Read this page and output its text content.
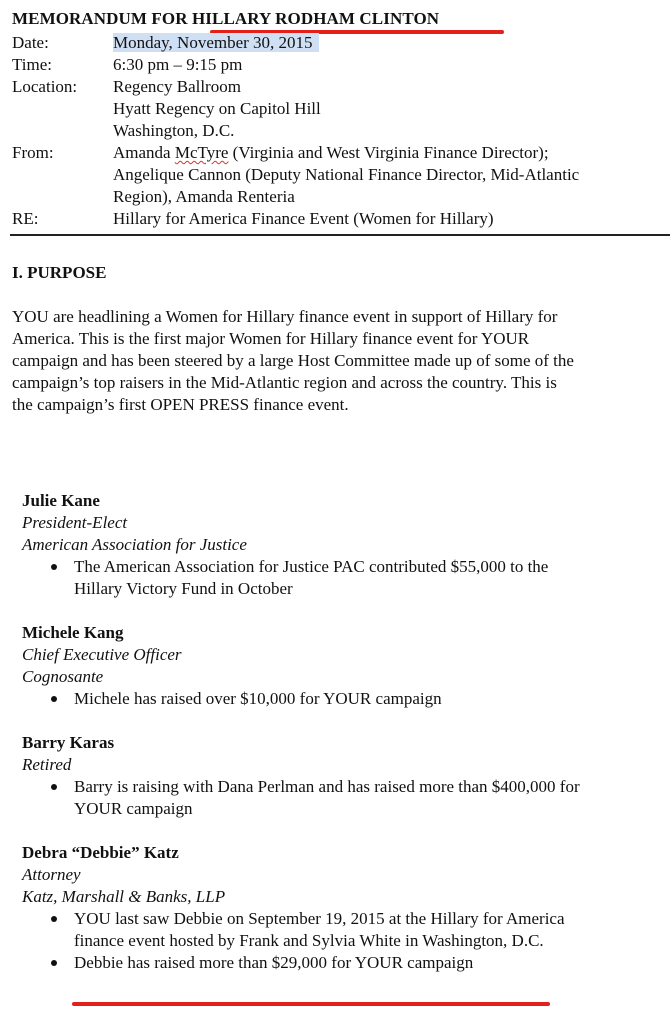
MEMORANDUM FOR HILLARY RODHAM CLINTON
Date:	Monday, November 30, 2015
Time:	6:30 pm – 9:15 pm
Location:	Regency Ballroom
Hyatt Regency on Capitol Hill
Washington, D.C.
From:	Amanda McTyre (Virginia and West Virginia Finance Director);
Angelique Cannon (Deputy National Finance Director, Mid-Atlantic
Region), Amanda Renteria
RE:	Hillary for America Finance Event (Women for Hillary)
I. PURPOSE
YOU are headlining a Women for Hillary finance event in support of Hillary for
America. This is the first major Women for Hillary finance event for YOUR
campaign and has been steered by a large Host Committee made up of some of the
campaign’s top raisers in the Mid-Atlantic region and across the country. This is
the campaign’s first OPEN PRESS finance event.
Julie Kane
President-Elect
American Association for Justice
The American Association for Justice PAC contributed $55,000 to the
Hillary Victory Fund in October
Michele Kang
Chief Executive Officer
Cognosante
Michele has raised over $10,000 for YOUR campaign
Barry Karas
Retired
Barry is raising with Dana Perlman and has raised more than $400,000 for
YOUR campaign
Debra “Debbie” Katz
Attorney
Katz, Marshall & Banks, LLP
YOU last saw Debbie on September 19, 2015 at the Hillary for America
finance event hosted by Frank and Sylvia White in Washington, D.C.
Debbie has raised more than $29,000 for YOUR campaign
